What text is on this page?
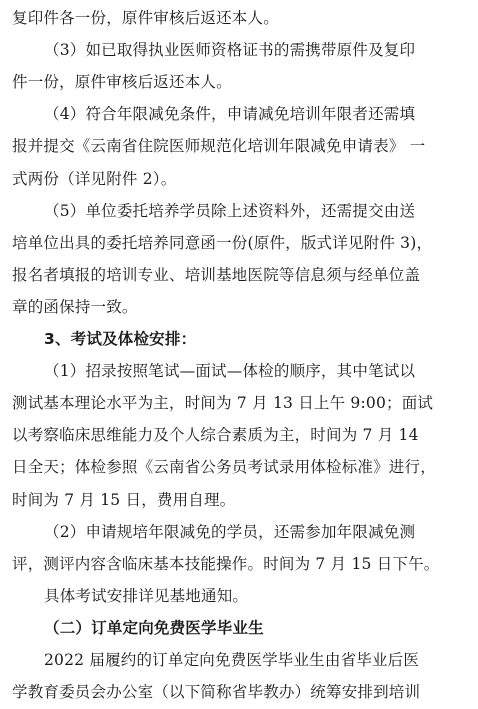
复印件各一份，原件审核后返还本人。
（3）如已取得执业医师资格证书的需携带原件及复印
件一份，原件审核后返还本人。
（4）符合年限减免条件，申请减免培训年限者还需填
报并提交《云南省住院医师规范化培训年限减免申请表》 一
式两份（详见附件 2）。
（5）单位委托培养学员除上述资料外，还需提交由送
培单位出具的委托培养同意函一份(原件，版式详见附件 3)，
报名者填报的培训专业、培训基地医院等信息须与经单位盖
章的函保持一致。
3、考试及体检安排：
（1）招录按照笔试—面试—体检的顺序，其中笔试以
测试基本理论水平为主，时间为 7 月 13 日上午 9:00；面试
以考察临床思维能力及个人综合素质为主，时间为 7 月 14
日全天；体检参照《云南省公务员考试录用体检标准》进行，
时间为 7 月 15 日，费用自理。
（2）申请规培年限减免的学员，还需参加年限减免测
评，测评内容含临床基本技能操作。时间为 7 月 15 日下午。
具体考试安排详见基地通知。
（二）订单定向免费医学毕业生
2022 届履约的订单定向免费医学毕业生由省毕业后医
学教育委员会办公室（以下简称省毕教办）统筹安排到培训
